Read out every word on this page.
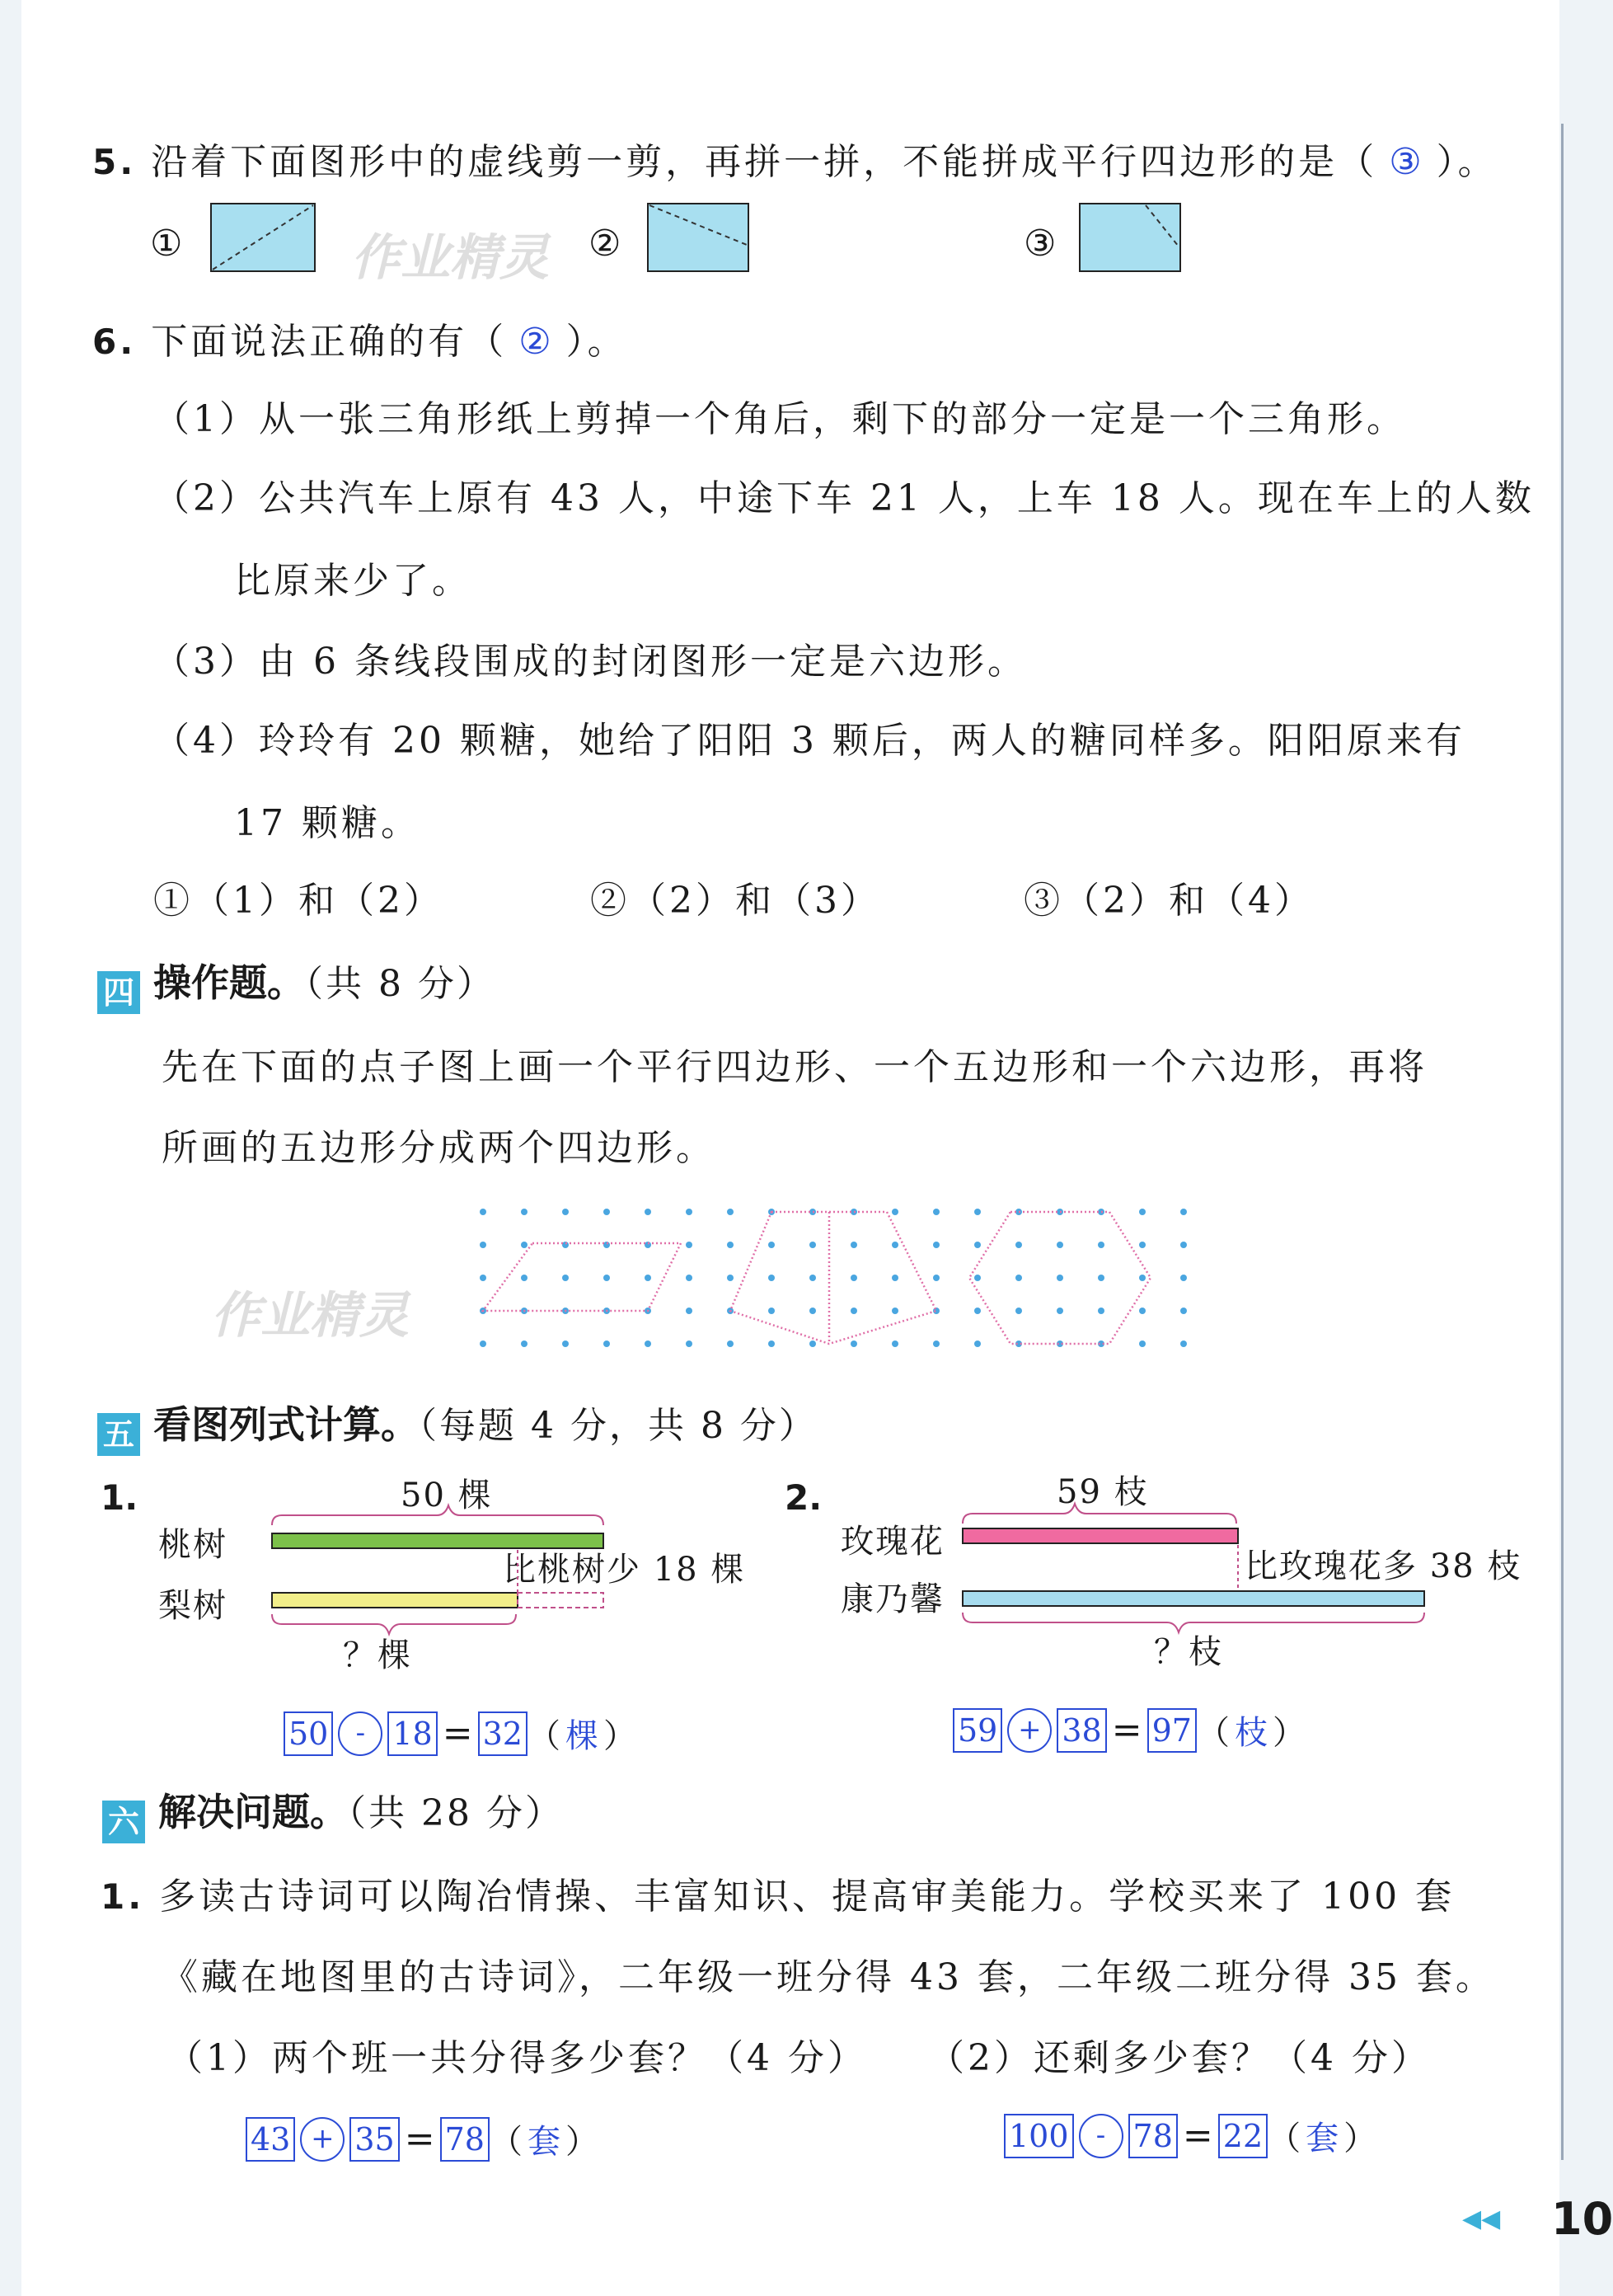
5. 沿着下面图形中的虚线剪一剪，再拼一拼，不能拼成平行四边形的是（ ③ ）。
①	作业精灵 ②	③
6. 下面说法正确的有（ ② ）。
（1）从一张三角形纸上剪掉一个角后，剩下的部分一定是一个三角形。
（2）公共汽车上原有 43 人，中途下车 21 人，上车 18 人。现在车上的人数
比原来少了。
（3）由 6 条线段围成的封闭图形一定是六边形。
（4）玲玲有 20 颗糖，她给了阳阳 3 颗后，两人的糖同样多。阳阳原来有
17 颗糖。
①（1）和（2）	②（2）和（3）	③（2）和（4）
四 操作题。（共 8 分）
先在下面的点子图上画一个平行四边形、一个五边形和一个六边形，再将
所画的五边形分成两个四边形。
作业精灵
五 看图列式计算。（每题 4 分，共 8 分）
1.	50 棵
桃树
梨树
比桃树少 18 棵
？棵
50 - 18 = 32 （棵）
2.	59 枝
玫瑰花
康乃馨
比玫瑰花多 38 枝
？枝
59 + 38 = 97 （枝）
六 解决问题。（共 28 分）
1. 多读古诗词可以陶冶情操、丰富知识、提高审美能力。学校买来了 100 套
《藏在地图里的古诗词》，二年级一班分得 43 套，二年级二班分得 35 套。
（1）两个班一共分得多少套？（4 分） （2）还剩多少套？（4 分）
43 + 35 = 78 （套）	100 - 78 = 22 （套）
◀◀ 10
